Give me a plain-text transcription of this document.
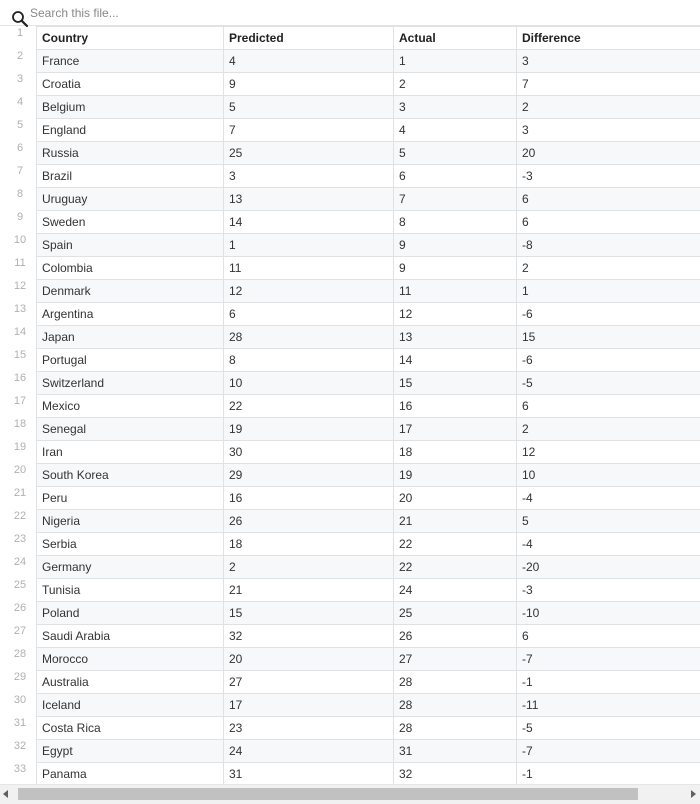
Search this file...
1
2
3
4
5
6
7
8
9
10
11
12
13
14
15
16
17
18
19
20
21
22
23
24
25
26
27
28
29
30
31
32
33
Country	Predicted	Actual	Difference
France	4	1	3
Croatia	9	2	7
Belgium	5	3	2
England	7	4	3
Russia	25	5	20
Brazil	3	6	-3
Uruguay	13	7	6
Sweden	14	8	6
Spain	1	9	-8
Colombia	11	9	2
Denmark	12	11	1
Argentina	6	12	-6
Japan	28	13	15
Portugal	8	14	-6
Switzerland	10	15	-5
Mexico	22	16	6
Senegal	19	17	2
Iran	30	18	12
South Korea	29	19	10
Peru	16	20	-4
Nigeria	26	21	5
Serbia	18	22	-4
Germany	2	22	-20
Tunisia	21	24	-3
Poland	15	25	-10
Saudi Arabia	32	26	6
Morocco	20	27	-7
Australia	27	28	-1
Iceland	17	28	-11
Costa Rica	23	28	-5
Egypt	24	31	-7
Panama	31	32	-1
